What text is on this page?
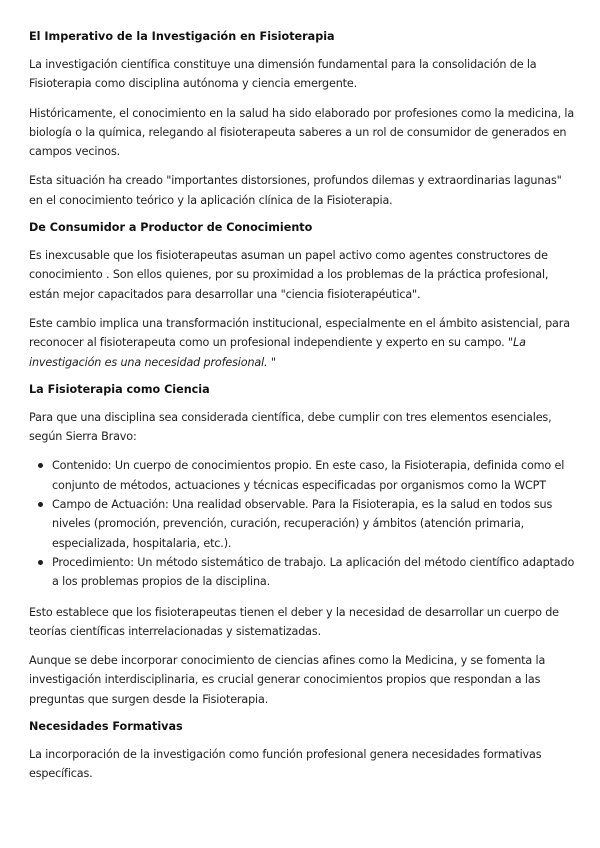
El Imperativo de la Investigación en Fisioterapia

La investigación científica constituye una dimensión fundamental para la consolidación de la Fisioterapia como disciplina autónoma y ciencia emergente.

Históricamente, el conocimiento en la salud ha sido elaborado por profesiones como la medicina, la biología o la química, relegando al fisioterapeuta saberes a un rol de consumidor de generados en campos vecinos.

Esta situación ha creado "importantes distorsiones, profundos dilemas y extraordinarias lagunas" en el conocimiento teórico y la aplicación clínica de la Fisioterapia.

De Consumidor a Productor de Conocimiento

Es inexcusable que los fisioterapeutas asuman un papel activo como agentes constructores de conocimiento . Son ellos quienes, por su proximidad a los problemas de la práctica profesional, están mejor capacitados para desarrollar una "ciencia fisioterapéutica".

Este cambio implica una transformación institucional, especialmente en el ámbito asistencial, para reconocer al fisioterapeuta como un profesional independiente y experto en su campo. "La investigación es una necesidad profesional. "

La Fisioterapia como Ciencia

Para que una disciplina sea considerada científica, debe cumplir con tres elementos esenciales, según Sierra Bravo:

Contenido: Un cuerpo de conocimientos propio. En este caso, la Fisioterapia, definida como el conjunto de métodos, actuaciones y técnicas especificadas por organismos como la WCPT
Campo de Actuación: Una realidad observable. Para la Fisioterapia, es la salud en todos sus niveles (promoción, prevención, curación, recuperación) y ámbitos (atención primaria, especializada, hospitalaria, etc.).
Procedimiento: Un método sistemático de trabajo. La aplicación del método científico adaptado a los problemas propios de la disciplina.

Esto establece que los fisioterapeutas tienen el deber y la necesidad de desarrollar un cuerpo de teorías científicas interrelacionadas y sistematizadas.

Aunque se debe incorporar conocimiento de ciencias afines como la Medicina, y se fomenta la investigación interdisciplinaria, es crucial generar conocimientos propios que respondan a las preguntas que surgen desde la Fisioterapia.

Necesidades Formativas

La incorporación de la investigación como función profesional genera necesidades formativas específicas.
